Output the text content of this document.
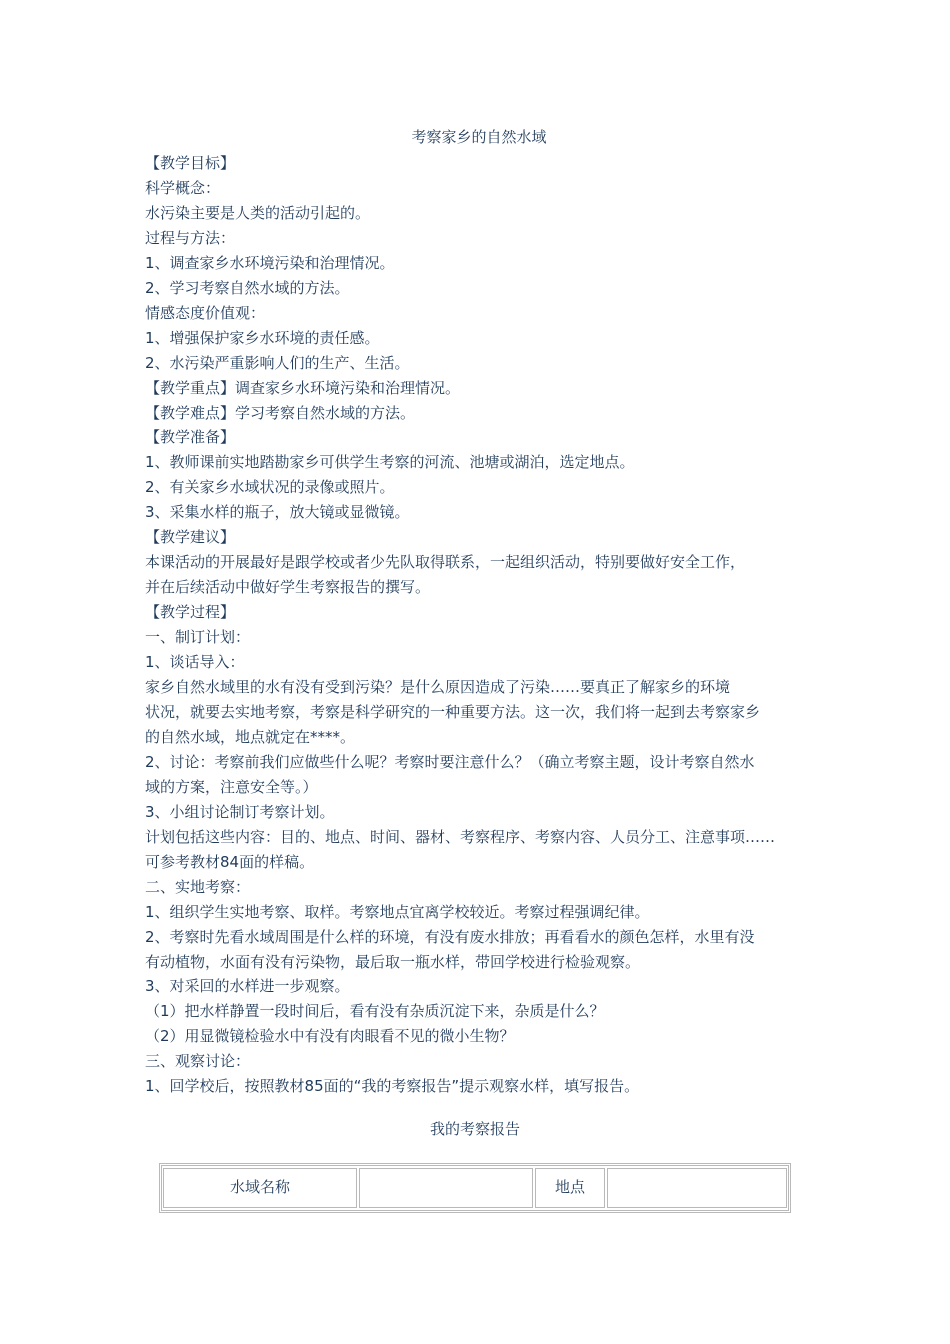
考察家乡的自然水域
【教学目标】
科学概念：
水污染主要是人类的活动引起的。
过程与方法：
1、调查家乡水环境污染和治理情况。
2、学习考察自然水域的方法。
情感态度价值观：
1、增强保护家乡水环境的责任感。
2、水污染严重影响人们的生产、生活。
【教学重点】调查家乡水环境污染和治理情况。
【教学难点】学习考察自然水域的方法。
【教学准备】
1、教师课前实地踏勘家乡可供学生考察的河流、池塘或湖泊，选定地点。
2、有关家乡水域状况的录像或照片。
3、采集水样的瓶子，放大镜或显微镜。
【教学建议】
本课活动的开展最好是跟学校或者少先队取得联系，一起组织活动，特别要做好安全工作，
并在后续活动中做好学生考察报告的撰写。
【教学过程】
一、制订计划：
1、谈话导入：
家乡自然水域里的水有没有受到污染？是什么原因造成了污染……要真正了解家乡的环境
状况，就要去实地考察，考察是科学研究的一种重要方法。这一次，我们将一起到去考察家乡
的自然水域，地点就定在****。
2、讨论：考察前我们应做些什么呢？考察时要注意什么？（确立考察主题，设计考察自然水
域的方案，注意安全等。）
3、小组讨论制订考察计划。
计划包括这些内容：目的、地点、时间、器材、考察程序、考察内容、人员分工、注意事项……
可参考教材84面的样稿。
二、实地考察：
1、组织学生实地考察、取样。考察地点宜离学校较近。考察过程强调纪律。
2、考察时先看水域周围是什么样的环境，有没有废水排放；再看看水的颜色怎样，水里有没
有动植物，水面有没有污染物，最后取一瓶水样，带回学校进行检验观察。
3、对采回的水样进一步观察。
（1）把水样静置一段时间后，看有没有杂质沉淀下来，杂质是什么？
（2）用显微镜检验水中有没有肉眼看不见的微小生物？
三、观察讨论：
1、回学校后，按照教材85面的“我的考察报告”提示观察水样，填写报告。
我的考察报告
水域名称	地点
